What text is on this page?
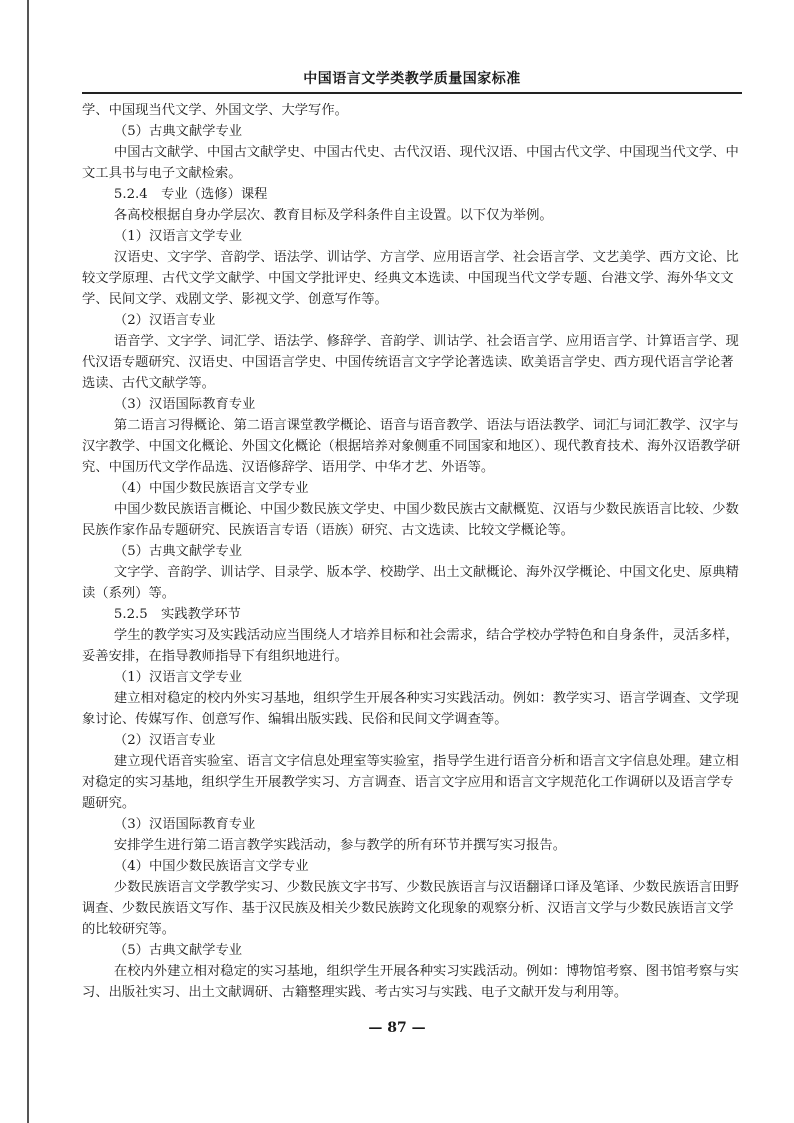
中国语言文学类教学质量国家标准

学、中国现当代文学、外国文学、大学写作。

（5）古典文献学专业

中国古文献学、中国古文献学史、中国古代史、古代汉语、现代汉语、中国古代文学、中国现当代文学、中文工具书与电子文献检索。

5.2.4　专业（选修）课程

各高校根据自身办学层次、教育目标及学科条件自主设置。以下仅为举例。

（1）汉语言文学专业

汉语史、文字学、音韵学、语法学、训诂学、方言学、应用语言学、社会语言学、文艺美学、西方文论、比较文学原理、古代文学文献学、中国文学批评史、经典文本选读、中国现当代文学专题、台港文学、海外华文文学、民间文学、戏剧文学、影视文学、创意写作等。

（2）汉语言专业

语音学、文字学、词汇学、语法学、修辞学、音韵学、训诂学、社会语言学、应用语言学、计算语言学、现代汉语专题研究、汉语史、中国语言学史、中国传统语言文字学论著选读、欧美语言学史、西方现代语言学论著选读、古代文献学等。

（3）汉语国际教育专业

第二语言习得概论、第二语言课堂教学概论、语音与语音教学、语法与语法教学、词汇与词汇教学、汉字与汉字教学、中国文化概论、外国文化概论（根据培养对象侧重不同国家和地区）、现代教育技术、海外汉语教学研究、中国历代文学作品选、汉语修辞学、语用学、中华才艺、外语等。

（4）中国少数民族语言文学专业

中国少数民族语言概论、中国少数民族文学史、中国少数民族古文献概览、汉语与少数民族语言比较、少数民族作家作品专题研究、民族语言专语（语族）研究、古文选读、比较文学概论等。

（5）古典文献学专业

文字学、音韵学、训诂学、目录学、版本学、校勘学、出土文献概论、海外汉学概论、中国文化史、原典精读（系列）等。

5.2.5　实践教学环节

学生的教学实习及实践活动应当围绕人才培养目标和社会需求，结合学校办学特色和自身条件，灵活多样，妥善安排，在指导教师指导下有组织地进行。

（1）汉语言文学专业

建立相对稳定的校内外实习基地，组织学生开展各种实习实践活动。例如：教学实习、语言学调查、文学现象讨论、传媒写作、创意写作、编辑出版实践、民俗和民间文学调查等。

（2）汉语言专业

建立现代语音实验室、语言文字信息处理室等实验室，指导学生进行语音分析和语言文字信息处理。建立相对稳定的实习基地，组织学生开展教学实习、方言调查、语言文字应用和语言文字规范化工作调研以及语言学专题研究。

（3）汉语国际教育专业

安排学生进行第二语言教学实践活动，参与教学的所有环节并撰写实习报告。

（4）中国少数民族语言文学专业

少数民族语言文学教学实习、少数民族文字书写、少数民族语言与汉语翻译口译及笔译、少数民族语言田野调查、少数民族语文写作、基于汉民族及相关少数民族跨文化现象的观察分析、汉语言文学与少数民族语言文学的比较研究等。

（5）古典文献学专业

在校内外建立相对稳定的实习基地，组织学生开展各种实习实践活动。例如：博物馆考察、图书馆考察与实习、出版社实习、出土文献调研、古籍整理实践、考古实习与实践、电子文献开发与利用等。

— 87 —
